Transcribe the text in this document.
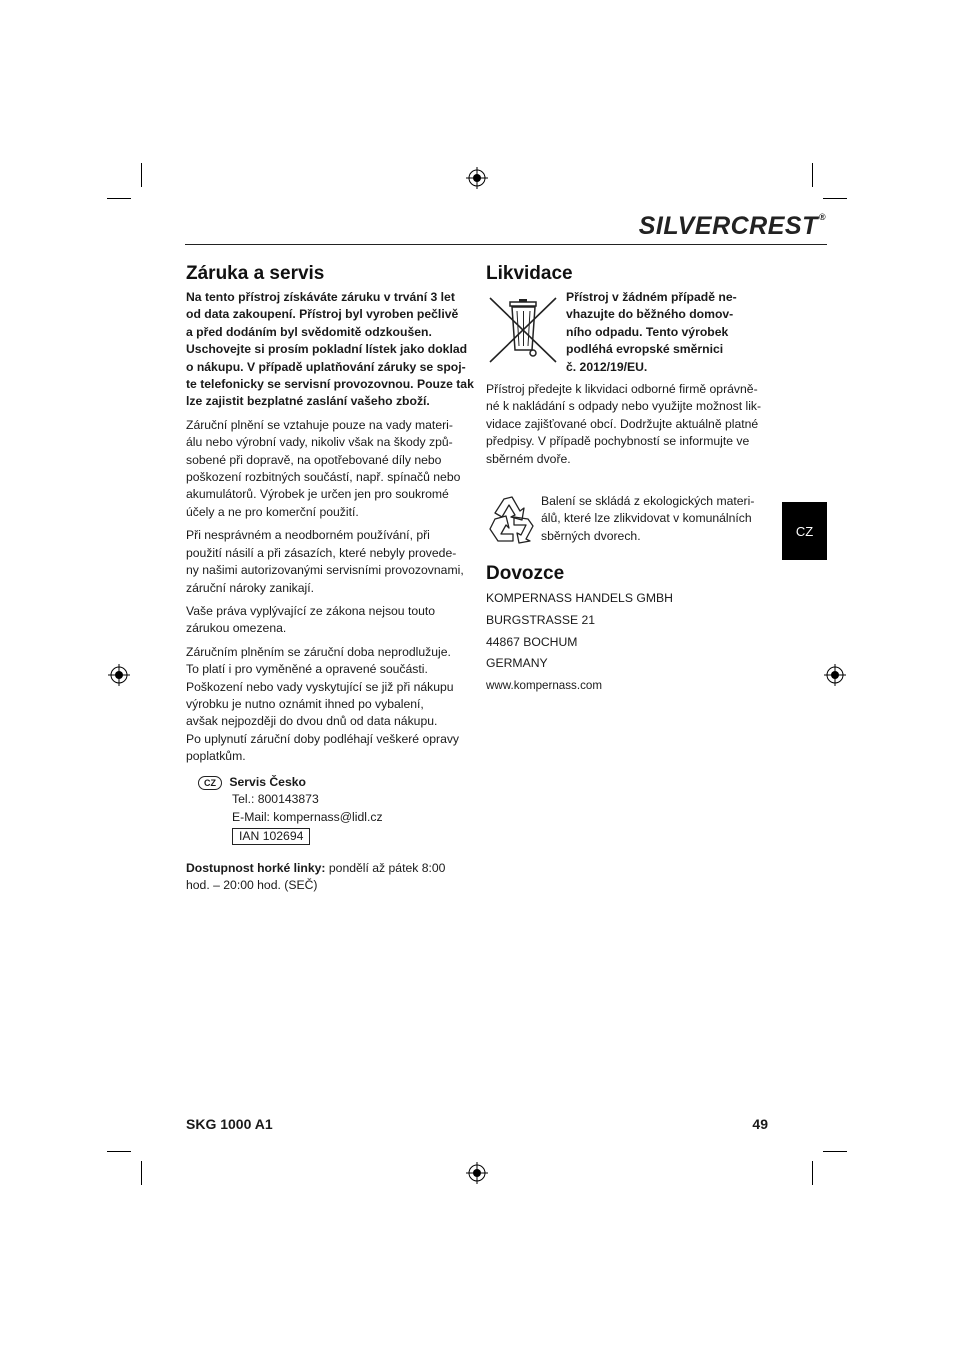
SILVERCREST®
CZ
Záruka a servis

Na tento přístroj získáváte záruku v trvání 3 let
od data zakoupení. Přístroj byl vyroben pečlivě
a před dodáním byl svědomitě odzkoušen.
Uschovejte si prosím pokladní lístek jako doklad
o nákupu. V případě uplatňování záruky se spoj-
te telefonicky se servisní provozovnou. Pouze tak
lze zajistit bezplatné zaslání vašeho zboží.

Záruční plnění se vztahuje pouze na vady materi-
álu nebo výrobní vady, nikoliv však na škody způ-
sobené při dopravě, na opotřebované díly nebo
poškození rozbitných součástí, např. spínačů nebo
akumulátorů. Výrobek je určen jen pro soukromé
účely a ne pro komerční použití.

Při nesprávném a neodborném používání, při
použití násilí a při zásazích, které nebyly provede-
ny našimi autorizovanými servisními provozovnami,
záruční nároky zanikají.

Vaše práva vyplývající ze zákona nejsou touto
zárukou omezena.

Záručním plněním se záruční doba neprodlužuje.
To platí i pro vyměněné a opravené součásti.
Poškození nebo vady vyskytující se již při nákupu
výrobku je nutno oznámit ihned po vybalení,
avšak nejpozději do dvou dnů od data nákupu.
Po uplynutí záruční doby podléhají veškeré opravy
poplatkům.

CZ Servis Česko
Tel.: 800143873
E-Mail: kompernass@lidl.cz
IAN 102694
Dostupnost horké linky: pondělí až pátek 8:00
hod. – 20:00 hod. (SEČ)
Likvidace
Přístroj v žádném případě ne-
vhazujte do běžného domov-
ního odpadu. Tento výrobek
podléhá evropské směrnici
č. 2012/19/EU.
Přístroj předejte k likvidaci odborné firmě oprávně-
né k nakládání s odpady nebo využijte možnost lik-
vidace zajišťované obcí. Dodržujte aktuálně platné
předpisy. V případě pochybností se informujte ve
sběrném dvoře.
Balení se skládá z ekologických materi-
álů, které lze zlikvidovat v komunálních
sběrných dvorech.
Dovozce
KOMPERNASS HANDELS GMBH
BURGSTRASSE 21
44867 BOCHUM
GERMANY
www.kompernass.com
SKG 1000 A1	49
